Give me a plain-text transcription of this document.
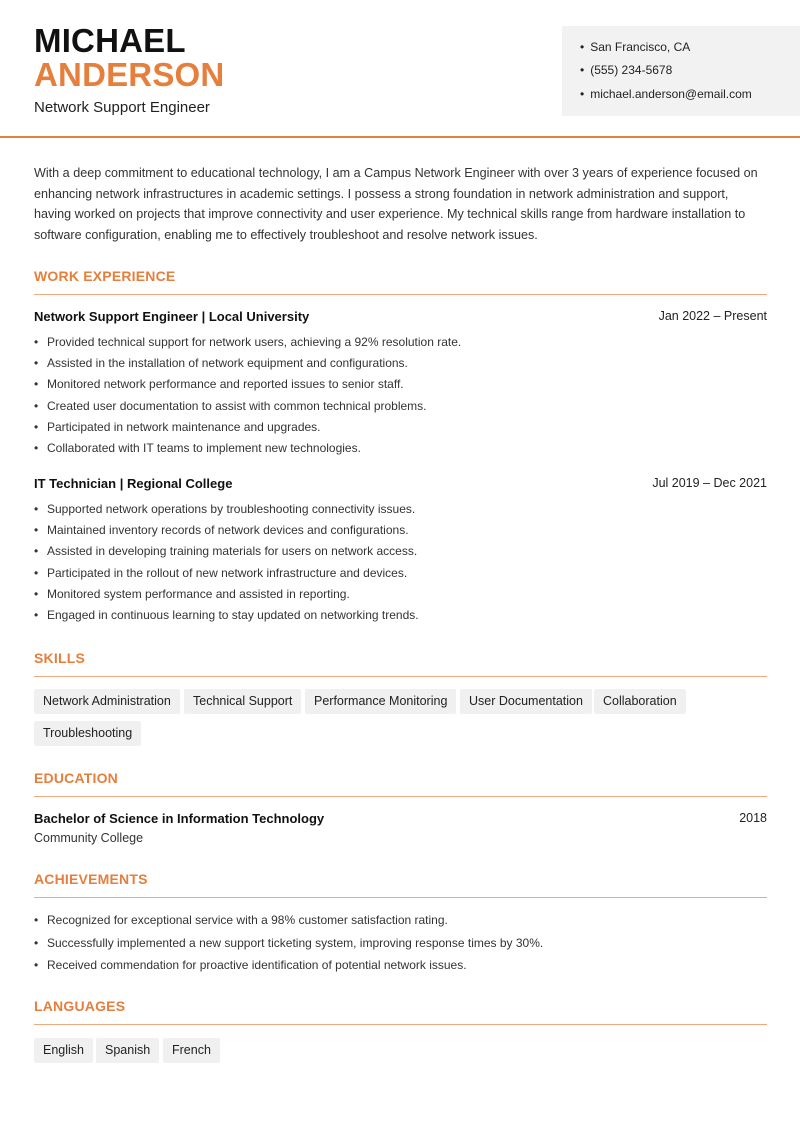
MICHAEL
ANDERSON
Network Support Engineer
• San Francisco, CA
• (555) 234-5678
• michael.anderson@email.com

With a deep commitment to educational technology, I am a Campus Network Engineer with over 3 years of experience focused on enhancing network infrastructures in academic settings. I possess a strong foundation in network administration and support, having worked on projects that improve connectivity and user experience. My technical skills range from hardware installation to software configuration, enabling me to effectively troubleshoot and resolve network issues.

WORK EXPERIENCE
Network Support Engineer | Local University	Jan 2022 – Present
• Provided technical support for network users, achieving a 92% resolution rate.
• Assisted in the installation of network equipment and configurations.
• Monitored network performance and reported issues to senior staff.
• Created user documentation to assist with common technical problems.
• Participated in network maintenance and upgrades.
• Collaborated with IT teams to implement new technologies.
IT Technician | Regional College	Jul 2019 – Dec 2021
• Supported network operations by troubleshooting connectivity issues.
• Maintained inventory records of network devices and configurations.
• Assisted in developing training materials for users on network access.
• Participated in the rollout of new network infrastructure and devices.
• Monitored system performance and assisted in reporting.
• Engaged in continuous learning to stay updated on networking trends.
SKILLS
Network Administration	Technical Support	Performance Monitoring	User Documentation	Collaboration
Troubleshooting
EDUCATION
Bachelor of Science in Information Technology	2018
Community College
ACHIEVEMENTS
• Recognized for exceptional service with a 98% customer satisfaction rating.
• Successfully implemented a new support ticketing system, improving response times by 30%.
• Received commendation for proactive identification of potential network issues.
LANGUAGES
English	Spanish	French
